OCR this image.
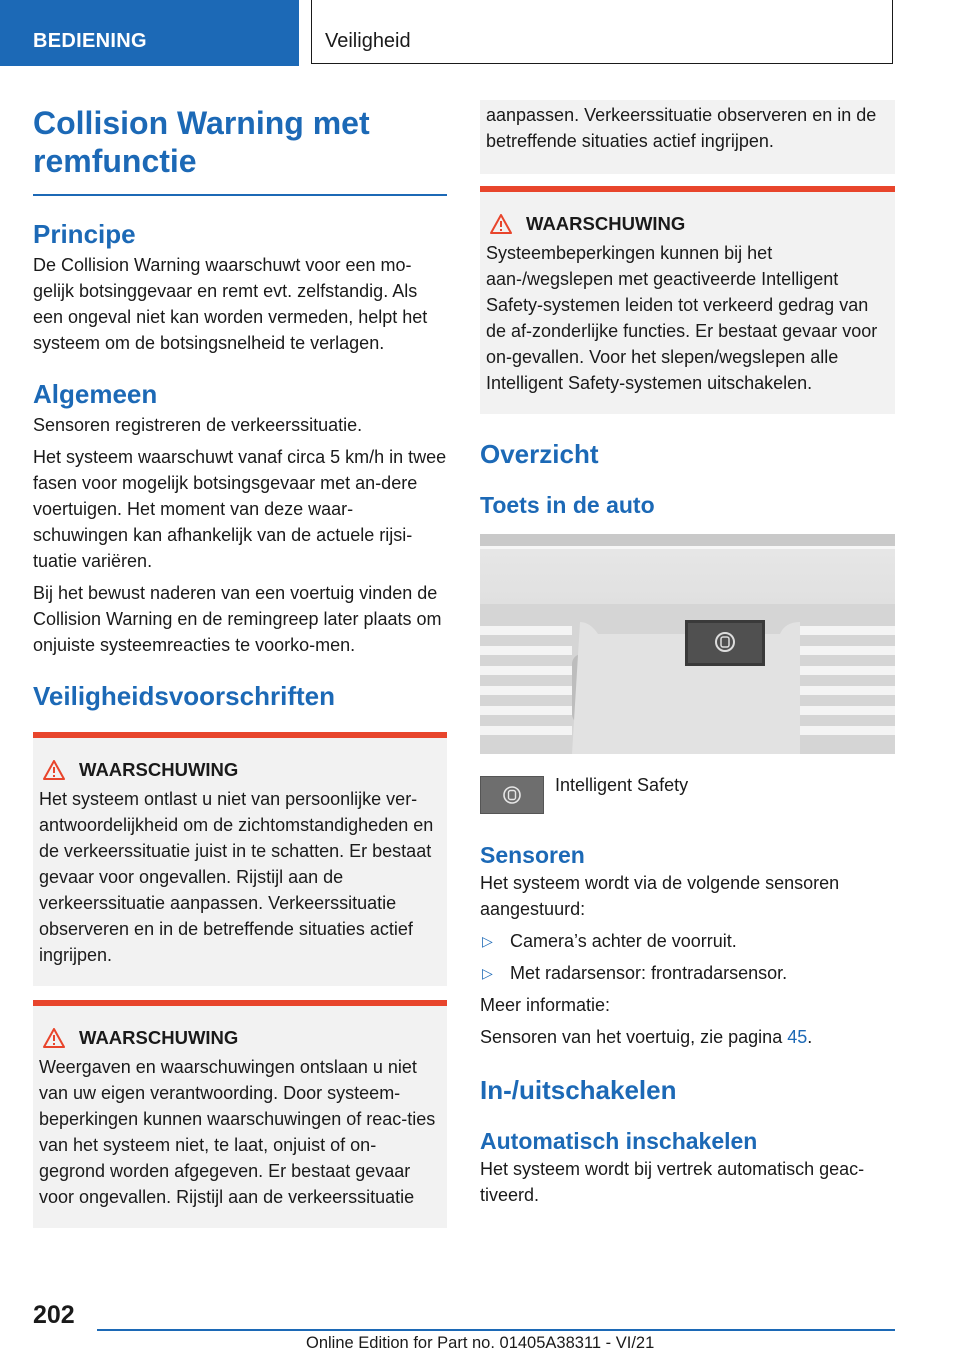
BEDIENING	Veiligheid
Collision Warning met remfunctie
Principe

De Collision Warning waarschuwt voor een mo‐gelijk botsinggevaar en remt evt. zelfstandig. Als een ongeval niet kan worden vermeden, helpt het systeem om de botsingsnelheid te verlagen.

Algemeen

Sensoren registreren de verkeerssituatie.

Het systeem waarschuwt vanaf circa 5 km/h in twee fasen voor mogelijk botsingsgevaar met an‐dere voertuigen. Het moment van deze waar‐schuwingen kan afhankelijk van de actuele rijsi‐tuatie variëren.

Bij het bewust naderen van een voertuig vinden de Collision Warning en de remingreep later plaats om onjuiste systeemreacties te voorko‐men.

Veiligheidsvoorschriften
WAARSCHUWING

Het systeem ontlast u niet van persoonlijke ver‐antwoordelijkheid om de zichtomstandigheden en de verkeerssituatie juist in te schatten. Er bestaat gevaar voor ongevallen. Rijstijl aan de verkeerssituatie aanpassen. Verkeerssituatie observeren en in de betreffende situaties actief ingrijpen.

WAARSCHUWING

Weergaven en waarschuwingen ontslaan u niet van uw eigen verantwoording. Door systeem‐beperkingen kunnen waarschuwingen of reac‐ties van het systeem niet, te laat, onjuist of on‐gegrond worden afgegeven. Er bestaat gevaar voor ongevallen. Rijstijl aan de verkeerssituatie

aanpassen. Verkeerssituatie observeren en in de betreffende situaties actief ingrijpen.

WAARSCHUWING

Systeembeperkingen kunnen bij het aan-/wegslepen met geactiveerde Intelligent Safety-systemen leiden tot verkeerd gedrag van de af‐zonderlijke functies. Er bestaat gevaar voor on‐gevallen. Voor het slepen/wegslepen alle Intelligent Safety-systemen uitschakelen.

Overzicht
Toets in de auto

Intelligent Safety

Sensoren

Het systeem wordt via de volgende sensoren aangestuurd:

▷ Camera’s achter de voorruit.
▷ Met radarsensor: frontradarsensor.

Meer informatie:

Sensoren van het voertuig, zie pagina 45.

In-/uitschakelen
Automatisch inschakelen

Het systeem wordt bij vertrek automatisch geac‐tiveerd.

202
Online Edition for Part no. 01405A38311 - VI/21
